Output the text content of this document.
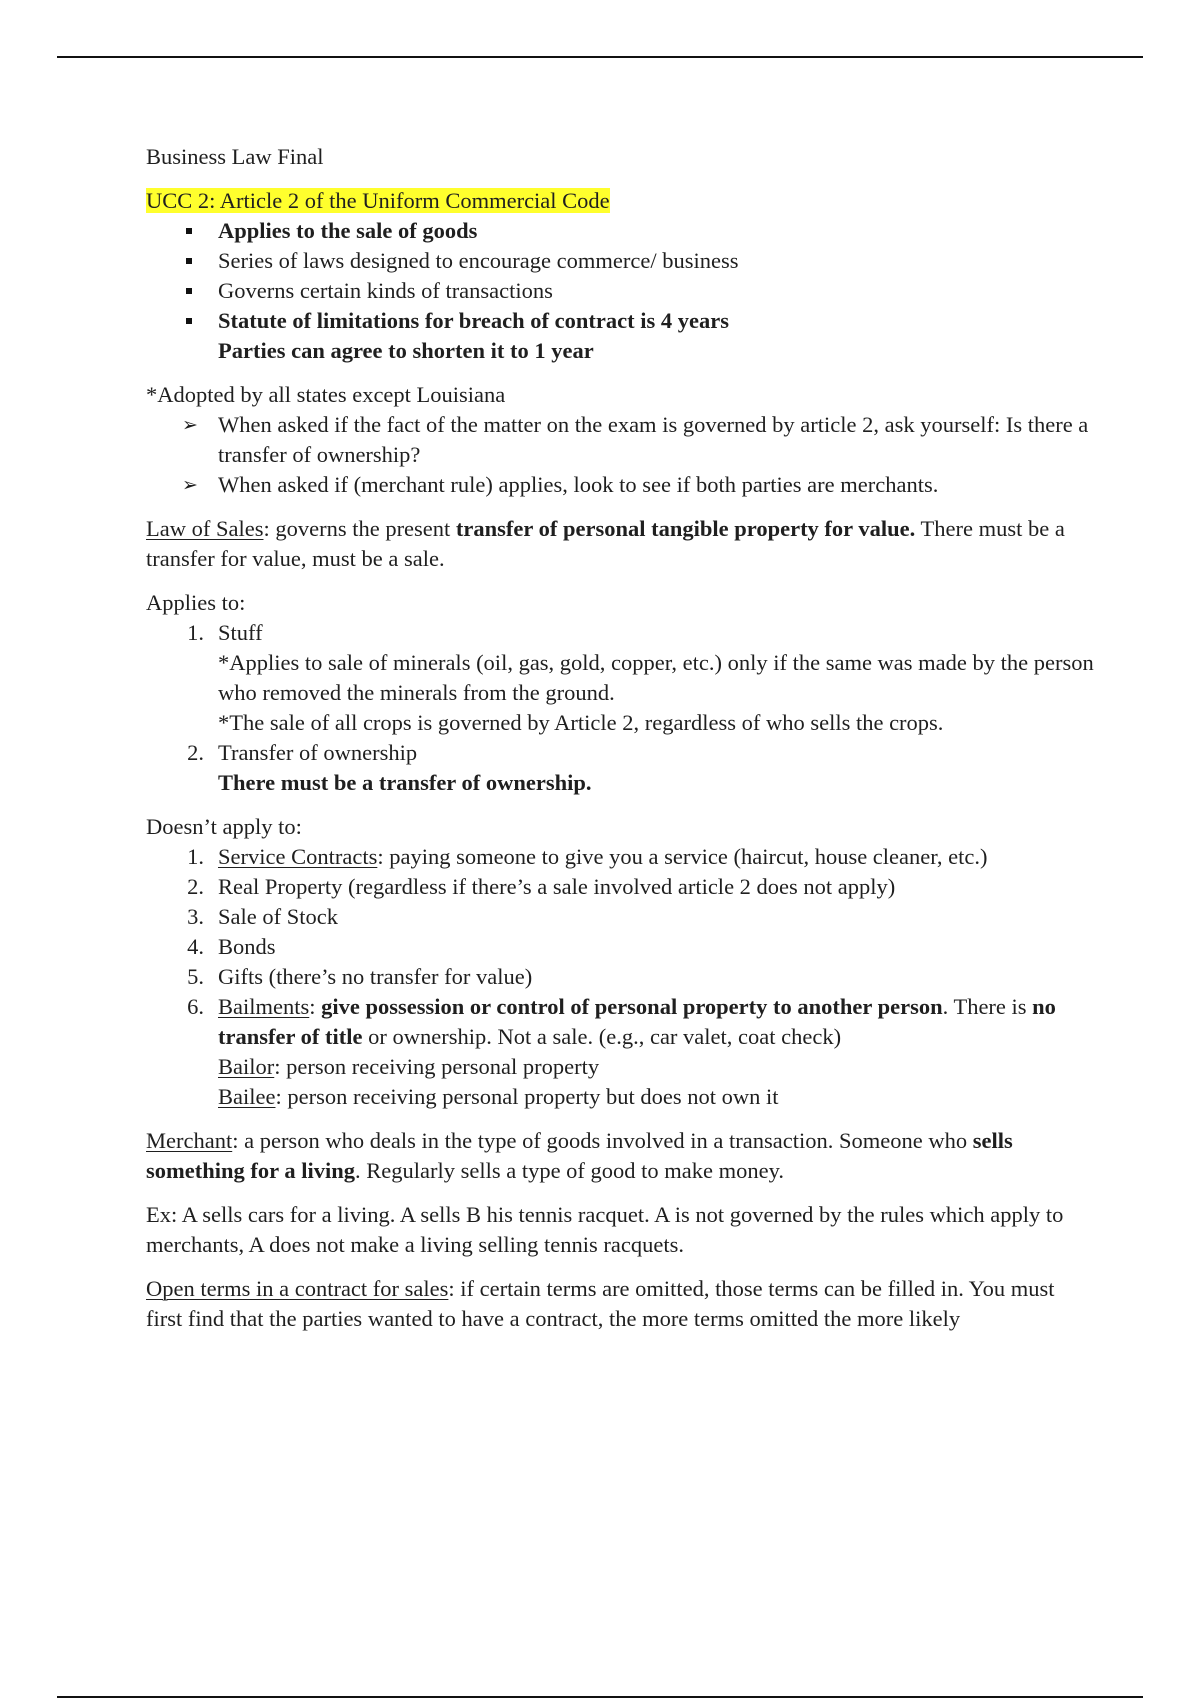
Business Law Final

UCC 2: Article 2 of the Uniform Commercial Code

Applies to the sale of goods
Series of laws designed to encourage commerce/ business
Governs certain kinds of transactions
Statute of limitations for breach of contract is 4 years
Parties can agree to shorten it to 1 year

*Adopted by all states except Louisiana

➢ When asked if the fact of the matter on the exam is governed by article 2, ask yourself: Is there a transfer of ownership?
➢ When asked if (merchant rule) applies, look to see if both parties are merchants.

Law of Sales: governs the present transfer of personal tangible property for value. There must be a transfer for value, must be a sale.

Applies to:

1. Stuff
*Applies to sale of minerals (oil, gas, gold, copper, etc.) only if the same was made by the person who removed the minerals from the ground.
*The sale of all crops is governed by Article 2, regardless of who sells the crops.
2. Transfer of ownership
There must be a transfer of ownership.

Doesn’t apply to:

1. Service Contracts: paying someone to give you a service (haircut, house cleaner, etc.)
2. Real Property (regardless if there’s a sale involved article 2 does not apply)
3. Sale of Stock
4. Bonds
5. Gifts (there’s no transfer for value)
6. Bailments: give possession or control of personal property to another person. There is no transfer of title or ownership. Not a sale. (e.g., car valet, coat check)
Bailor: person receiving personal property
Bailee: person receiving personal property but does not own it

Merchant: a person who deals in the type of goods involved in a transaction. Someone who sells something for a living. Regularly sells a type of good to make money.

Ex: A sells cars for a living. A sells B his tennis racquet. A is not governed by the rules which apply to merchants, A does not make a living selling tennis racquets.

Open terms in a contract for sales: if certain terms are omitted, those terms can be filled in. You must first find that the parties wanted to have a contract, the more terms omitted the more likely
